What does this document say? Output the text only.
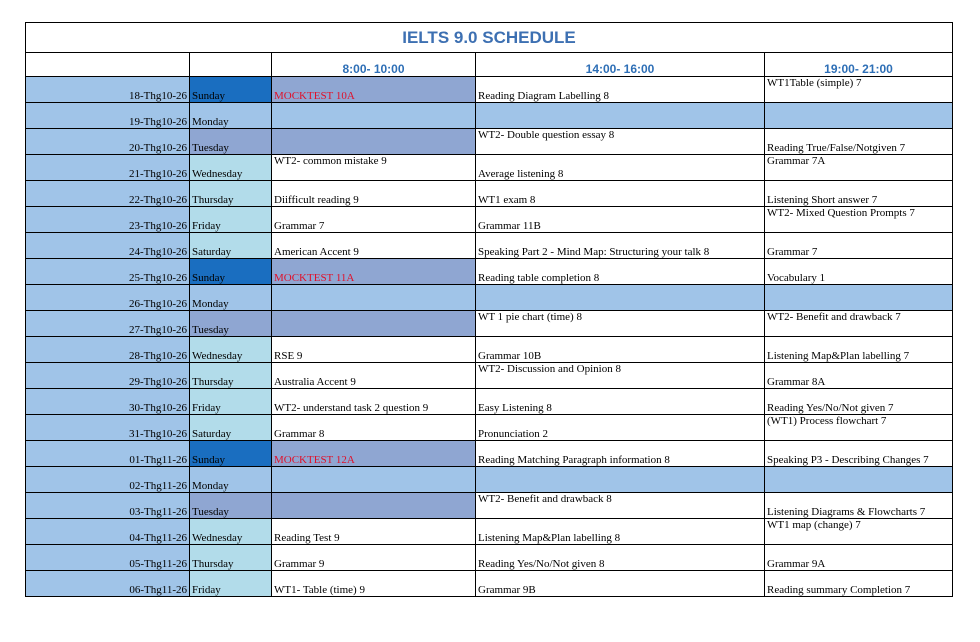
IELTS 9.0 SCHEDULE				
		8:00- 10:00	14:00- 16:00	19:00- 21:00
18-Thg10-26	Sunday	MOCKTEST 10A	Reading Diagram Labelling 8	WT1Table (simple) 7
19-Thg10-26	Monday			
20-Thg10-26	Tuesday		WT2- Double question essay 8	Reading True/False/Notgiven 7
21-Thg10-26	Wednesday	WT2- common mistake 9	Average listening 8	Grammar 7A
22-Thg10-26	Thursday	Diifficult reading 9	WT1 exam 8	Listening Short answer 7
23-Thg10-26	Friday	Grammar 7	Grammar 11B	WT2- Mixed Question Prompts 7
24-Thg10-26	Saturday	American Accent 9	Speaking Part 2 - Mind Map: Structuring your talk 8	Grammar 7
25-Thg10-26	Sunday	MOCKTEST 11A	Reading table completion 8	Vocabulary 1
26-Thg10-26	Monday			
27-Thg10-26	Tuesday		WT 1 pie chart (time) 8	WT2- Benefit and drawback 7
28-Thg10-26	Wednesday	RSE 9	Grammar 10B	Listening Map&Plan labelling 7
29-Thg10-26	Thursday	Australia Accent 9	WT2- Discussion and Opinion 8	Grammar 8A
30-Thg10-26	Friday	WT2- understand task 2 question 9	Easy Listening 8	Reading Yes/No/Not given 7
31-Thg10-26	Saturday	Grammar 8	Pronunciation 2	(WT1) Process flowchart 7
01-Thg11-26	Sunday	MOCKTEST 12A	Reading Matching Paragraph information 8	Speaking P3 - Describing Changes 7
02-Thg11-26	Monday			
03-Thg11-26	Tuesday		WT2- Benefit and drawback 8	Listening Diagrams & Flowcharts 7
04-Thg11-26	Wednesday	Reading Test 9	Listening Map&Plan labelling 8	WT1 map (change) 7
05-Thg11-26	Thursday	Grammar 9	Reading Yes/No/Not given 8	Grammar 9A
06-Thg11-26	Friday	WT1- Table (time) 9	Grammar 9B	Reading summary Completion 7
